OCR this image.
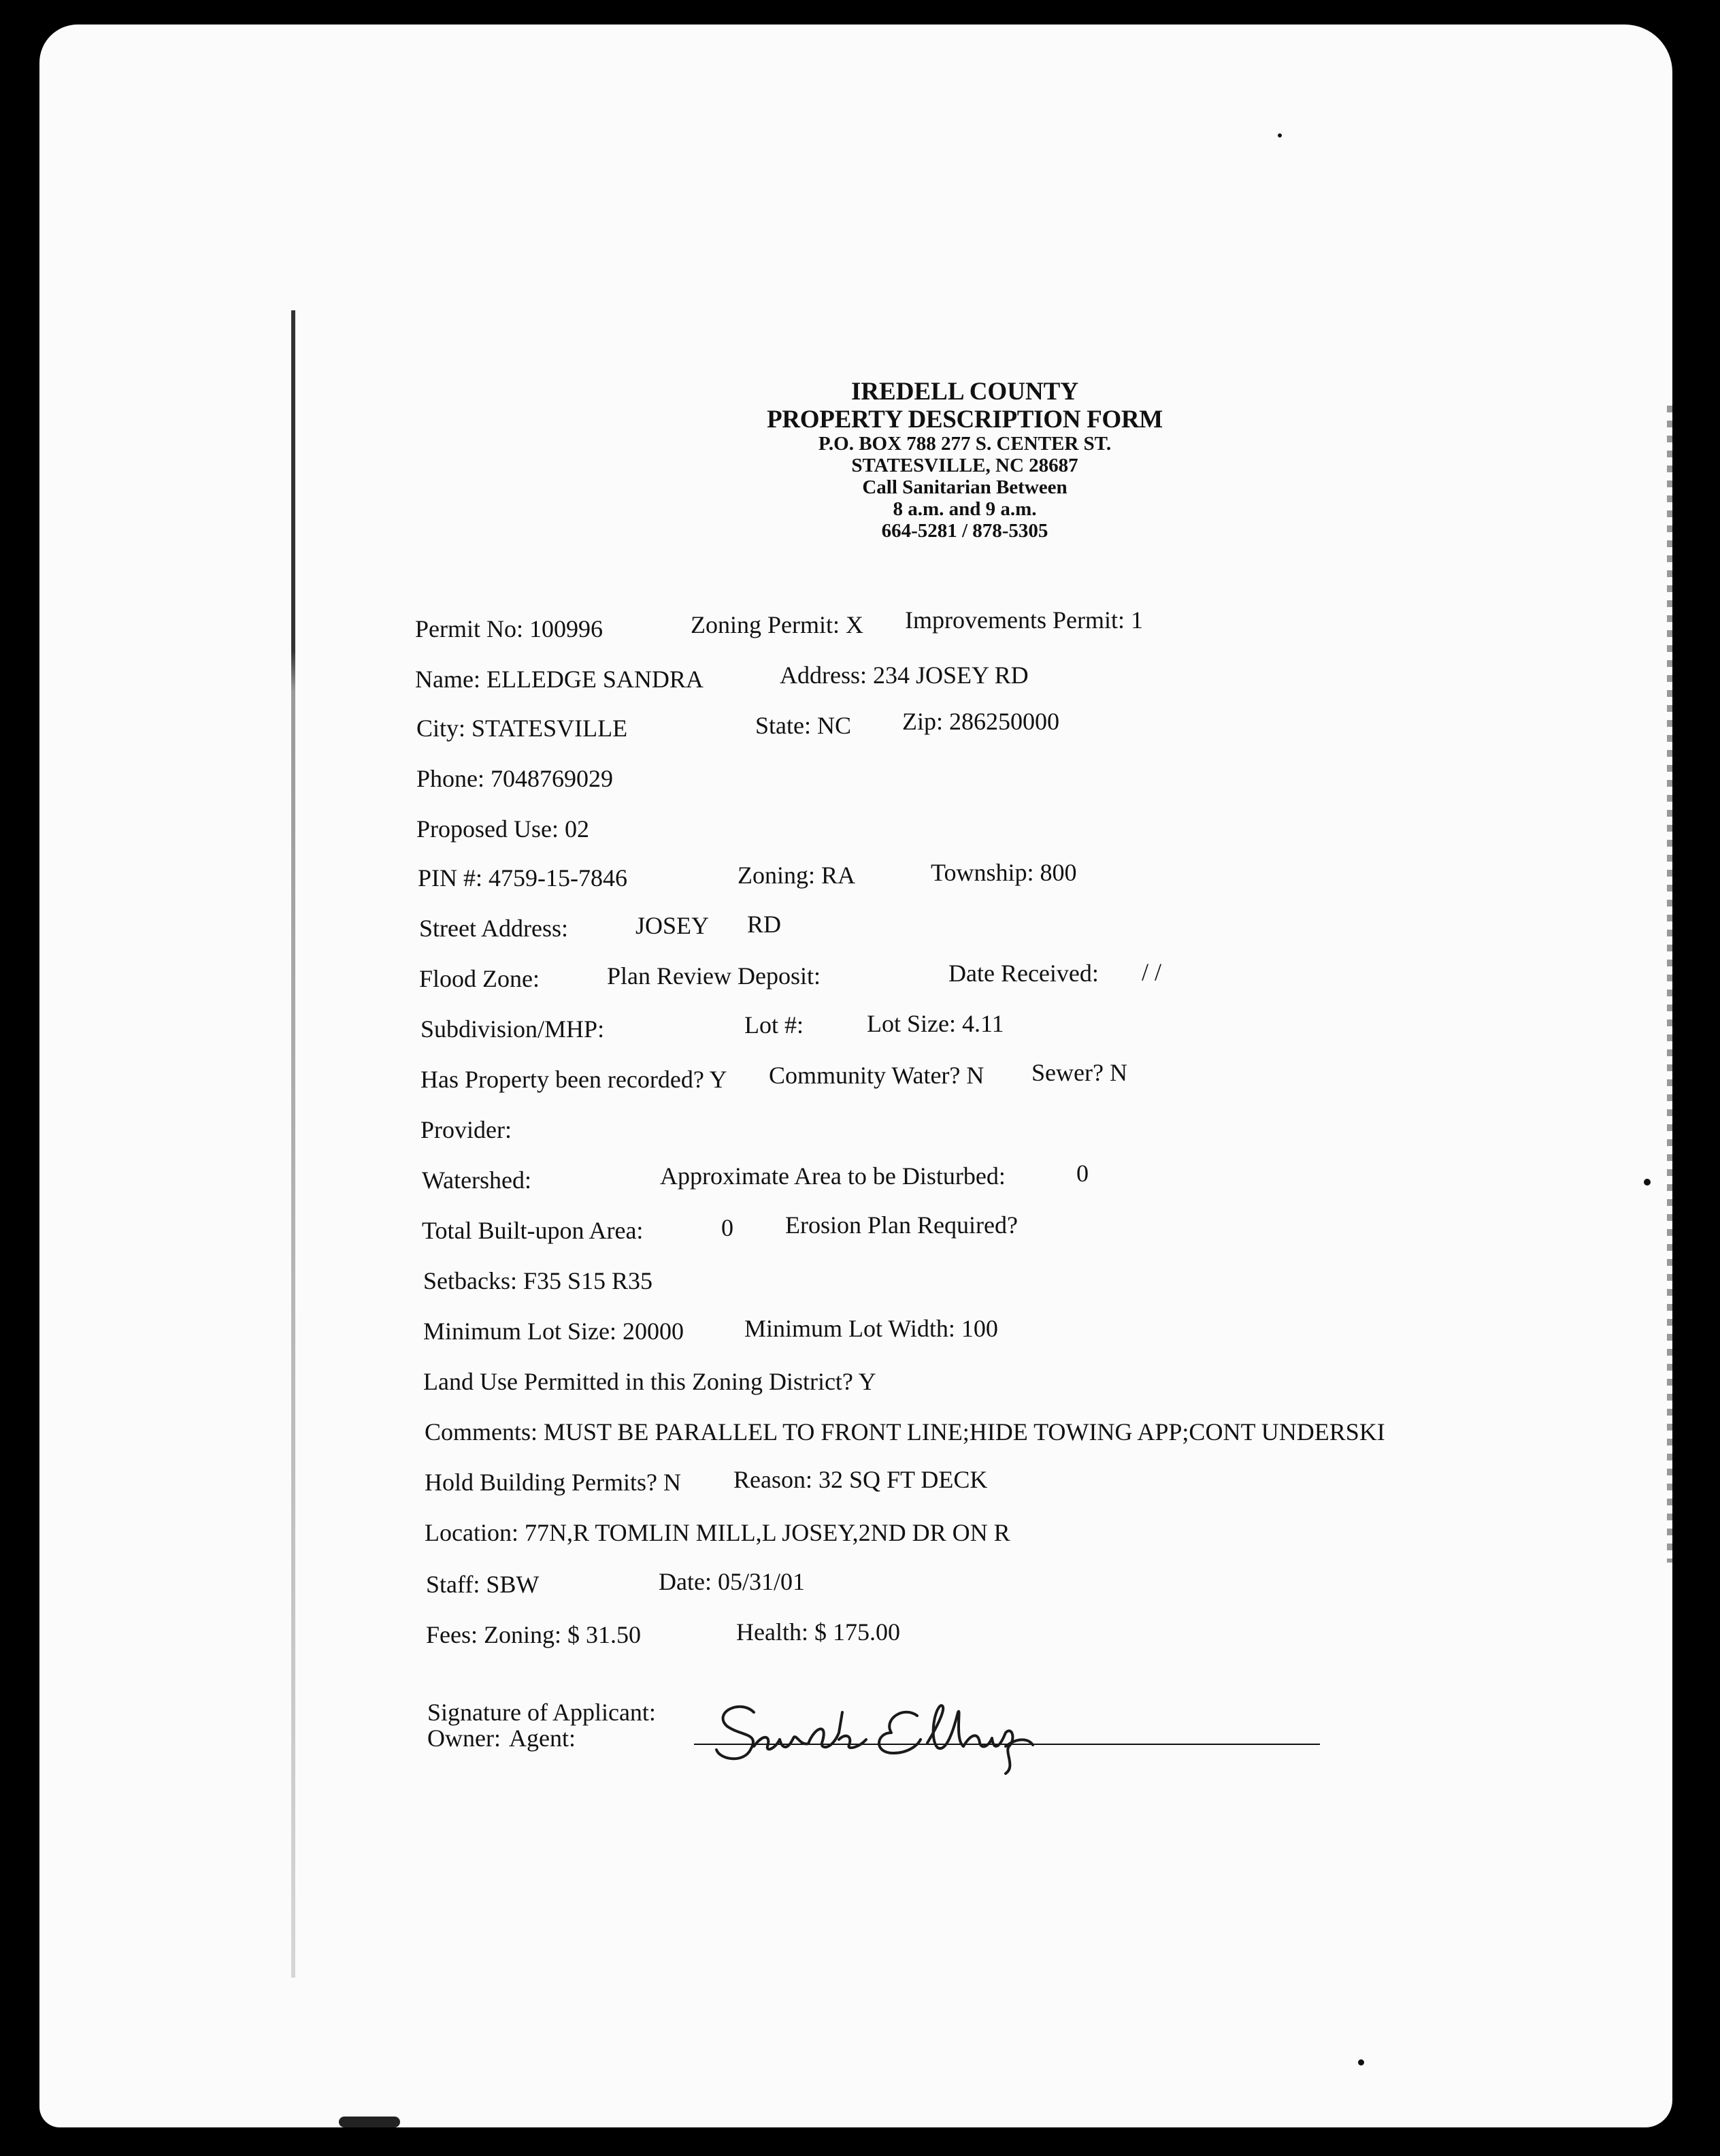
IREDELL COUNTY
PROPERTY DESCRIPTION FORM
P.O. BOX 788 277 S. CENTER ST.
STATESVILLE, NC 28687
Call Sanitarian Between
8 a.m. and 9 a.m.
664-5281 / 878-5305
Permit No: 100996	Zoning Permit: X Improvements Permit: 1
Name: ELLEDGE SANDRA	Address: 234 JOSEY RD
City: STATESVILLE	State: NC Zip: 286250000
Phone: 7048769029
Proposed Use: 02
PIN #: 4759-15-7846	Zoning: RA	Township: 800
Street Address:	JOSEY RD
Flood Zone:	Plan Review Deposit:	Date Received: / /
Subdivision/MHP:	Lot #:	Lot Size: 4.11
Has Property been recorded? Y Community Water? N Sewer? N
Provider:
Watershed:	Approximate Area to be Disturbed:	0
Total Built-upon Area:	0 Erosion Plan Required?
Setbacks: F35 S15 R35
Minimum Lot Size: 20000 Minimum Lot Width: 100
Land Use Permitted in this Zoning District? Y
Comments: MUST BE PARALLEL TO FRONT LINE;HIDE TOWING APP;CONT UNDERSKI
Hold Building Permits? N Reason: 32 SQ FT DECK
Location: 77N,R TOMLIN MILL,L JOSEY,2ND DR ON R
Staff: SBW	Date: 05/31/01
Fees: Zoning: $ 31.50	Health: $ 175.00
Signature of Applicant:
Owner: Agent:
